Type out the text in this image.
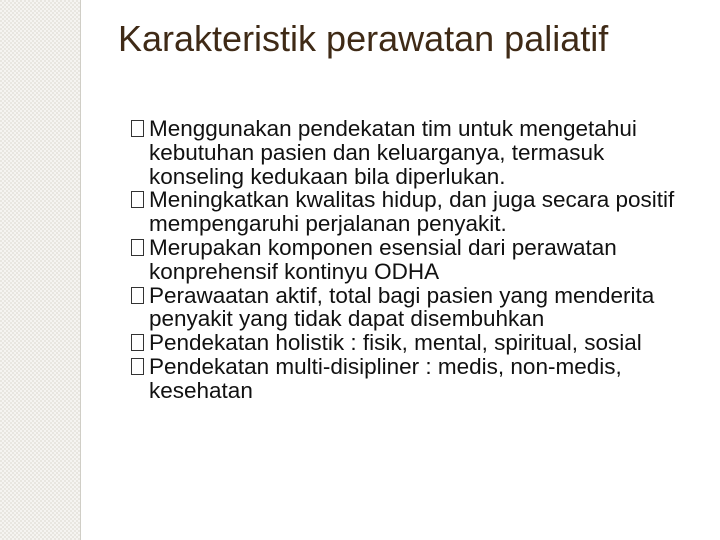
Karakteristik perawatan paliatif
Menggunakan pendekatan tim untuk mengetahui kebutuhan pasien dan keluarganya, termasuk konseling kedukaan bila diperlukan.
Meningkatkan kwalitas hidup, dan juga secara positif mempengaruhi perjalanan penyakit.
Merupakan komponen esensial dari perawatan konprehensif kontinyu ODHA
Perawaatan aktif, total bagi pasien yang menderita penyakit yang tidak dapat disembuhkan
Pendekatan holistik : fisik, mental, spiritual, sosial
Pendekatan multi-disipliner : medis, non-medis, kesehatan
